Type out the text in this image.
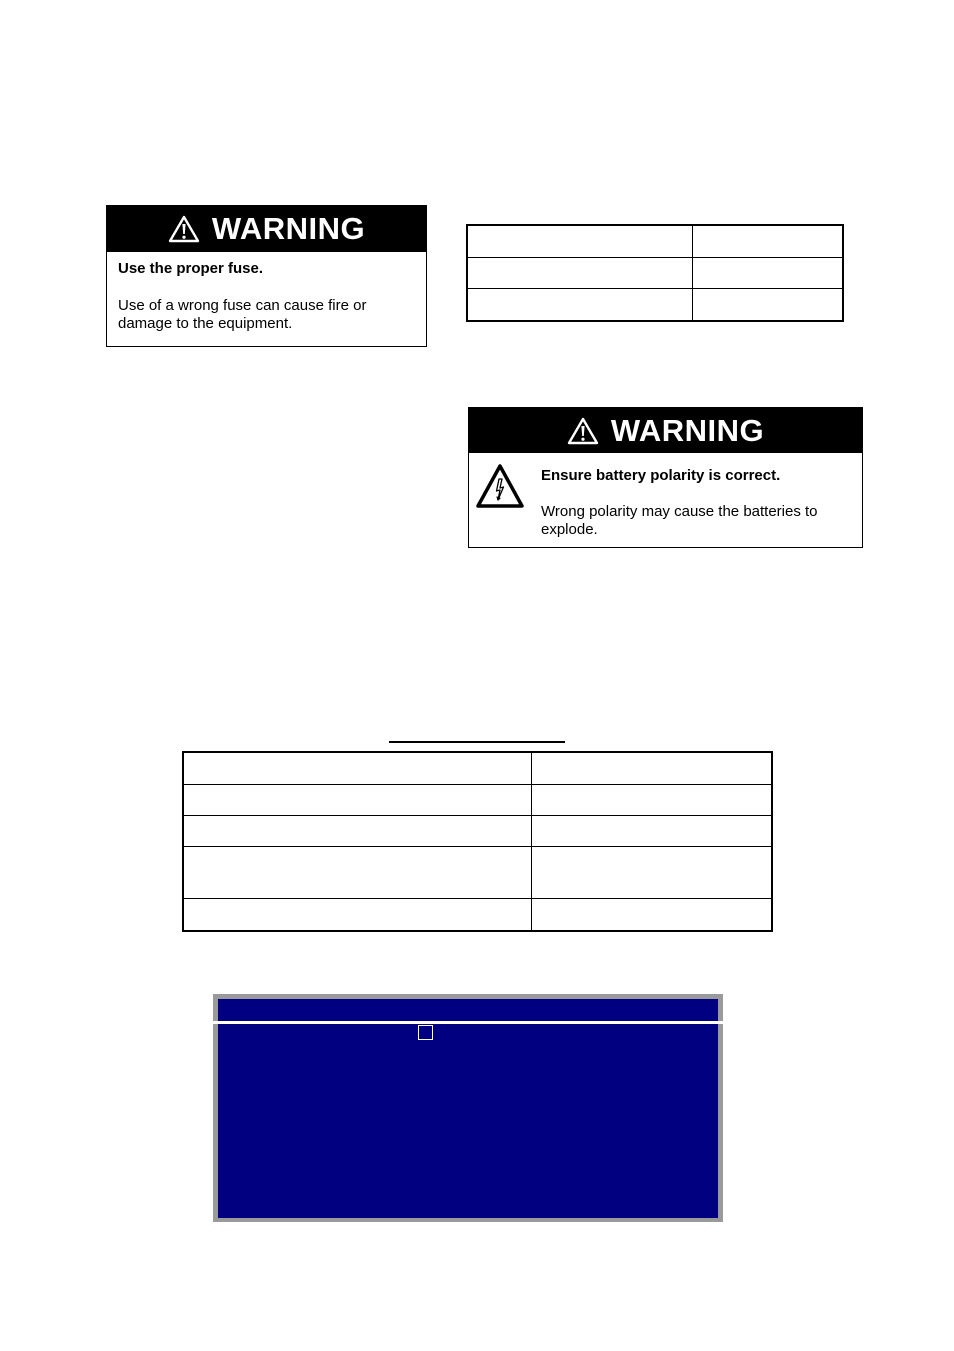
WARNING
Use the proper fuse.
Use of a wrong fuse can cause fire or damage to the equipment.

WARNING
Ensure battery polarity is correct.
Wrong polarity may cause the batteries to explode.
